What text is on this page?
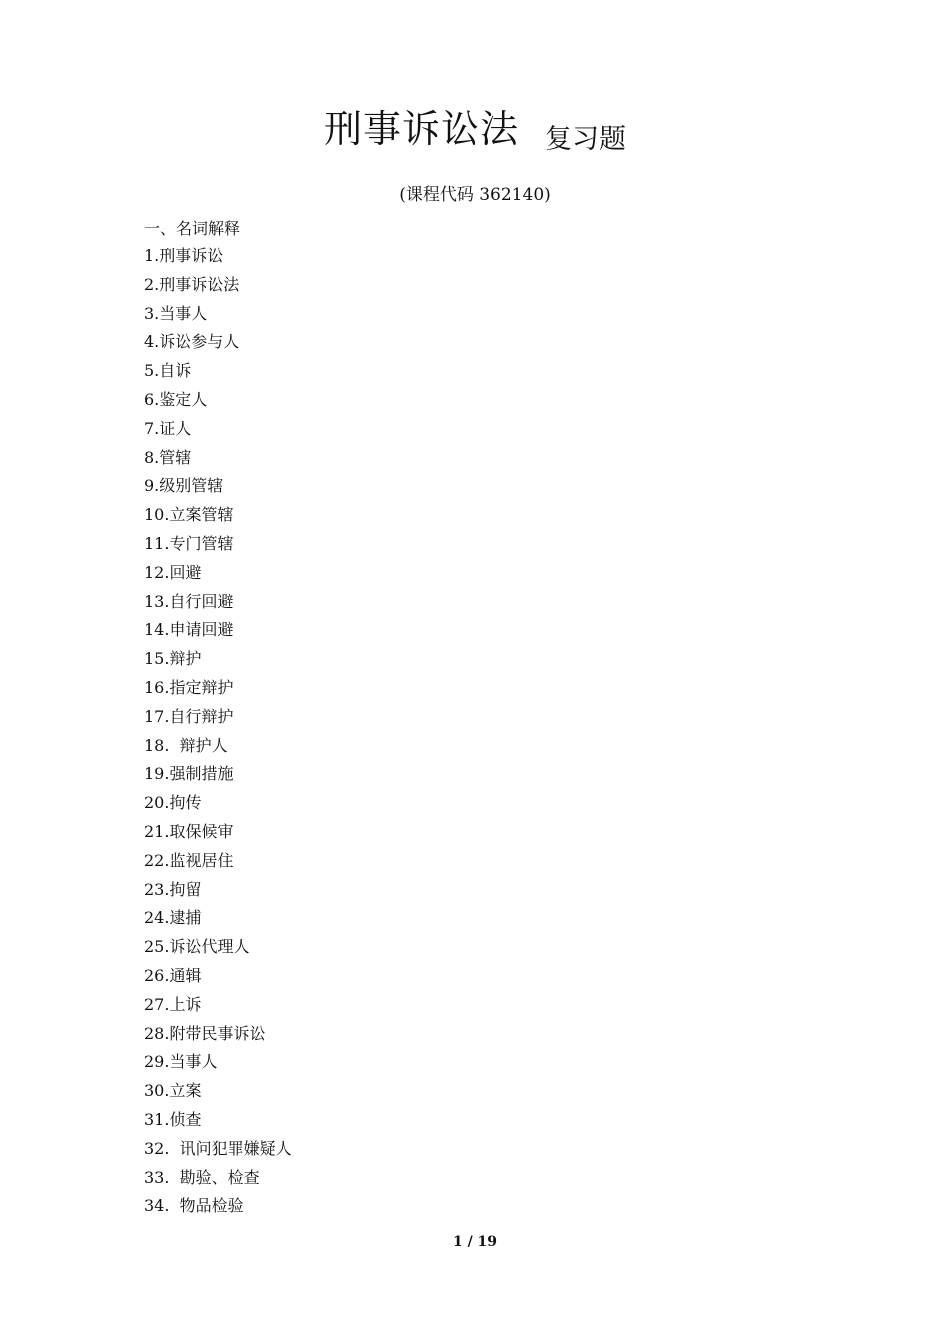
刑事诉讼法 复习题
(课程代码 362140)
一、名词解释
1.刑事诉讼
2.刑事诉讼法
3.当事人
4.诉讼参与人
5.自诉
6.鉴定人
7.证人
8.管辖
9.级别管辖
10.立案管辖
11.专门管辖
12.回避
13.自行回避
14.申请回避
15.辩护
16.指定辩护
17.自行辩护
18.  辩护人
19.强制措施
20.拘传
21.取保候审
22.监视居住
23.拘留
24.逮捕
25.诉讼代理人
26.通辑
27.上诉
28.附带民事诉讼
29.当事人
30.立案
31.侦查
32.  讯问犯罪嫌疑人
33.  勘验、检查
34.  物品检验
1 / 19
